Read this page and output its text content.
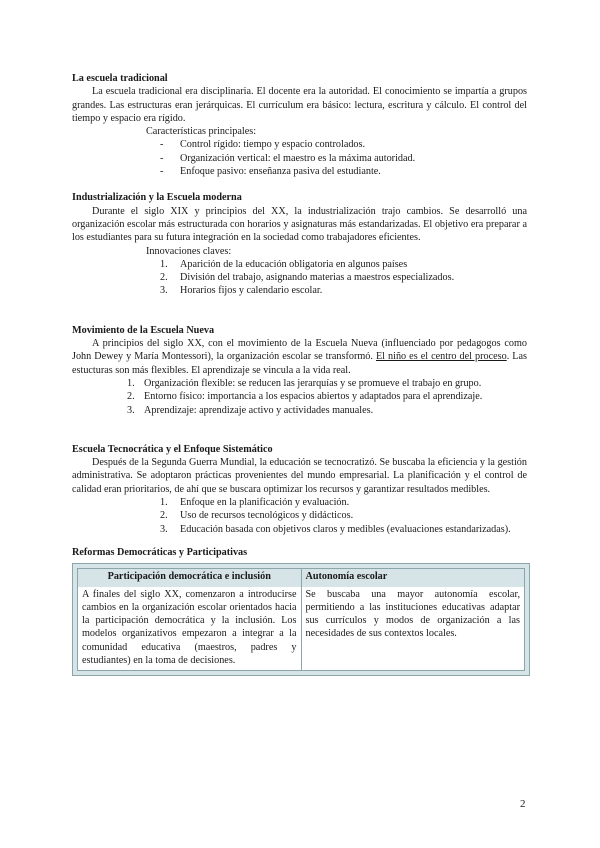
La escuela tradicional

La escuela tradicional era disciplinaria. El docente era la autoridad. El conocimiento se impartía a grupos grandes. Las estructuras eran jerárquicas. El currículum era básico: lectura, escritura y cálculo. El control del tiempo y espacio era rígido.

Características principales:
- Control rígido: tiempo y espacio controlados.
- Organización vertical: el maestro es la máxima autoridad.
- Enfoque pasivo: enseñanza pasiva del estudiante.
Industrialización y la Escuela moderna

Durante el siglo XIX y principios del XX, la industrialización trajo cambios. Se desarrolló una organización escolar más estructurada con horarios y asignaturas más estandarizadas. El objetivo era preparar a los estudiantes para su futura integración en la sociedad como trabajadores eficientes.

Innovaciones claves:
1. Aparición de la educación obligatoria en algunos países
2. División del trabajo, asignando materias a maestros especializados.
3. Horarios fijos y calendario escolar.
Movimiento de la Escuela Nueva

A principios del siglo XX, con el movimiento de la Escuela Nueva (influenciado por pedagogos como John Dewey y María Montessori), la organización escolar se transformó. El niño es el centro del proceso. Las estucturas son más flexibles. El aprendizaje se vincula a la vida real.

1. Organización flexible: se reducen las jerarquías y se promueve el trabajo en grupo.
2. Entorno físico: importancia a los espacios abiertos y adaptados para el aprendizaje.
3. Aprendizaje: aprendizaje activo y actividades manuales.
Escuela Tecnocrática y el Enfoque Sistemático

Después de la Segunda Guerra Mundial, la educación se tecnocratizó. Se buscaba la eficiencia y la gestión administrativa. Se adoptaron prácticas provenientes del mundo empresarial. La planificación y el control de calidad eran prioritarios, de ahí que se buscara optimizar los recursos y garantizar resultados medibles.

1. Enfoque en la planificación y evaluación.
2. Uso de recursos tecnológicos y didácticos.
3. Educación basada con objetivos claros y medibles (evaluaciones estandarizadas).
Reformas Democráticas y Participativas
Participación democrática e inclusión	Autonomía escolar
A finales del siglo XX, comenzaron a introducirse cambios en la organización escolar orientados hacia la participación democrática y la inclusión. Los modelos organizativos empezaron a integrar a la comunidad educativa (maestros, padres y estudiantes) en la toma de decisiones.	Se buscaba una mayor autonomía escolar, permitiendo a las instituciones educativas adaptar sus currículos y modos de organización a las necesidades de sus contextos locales.
2
